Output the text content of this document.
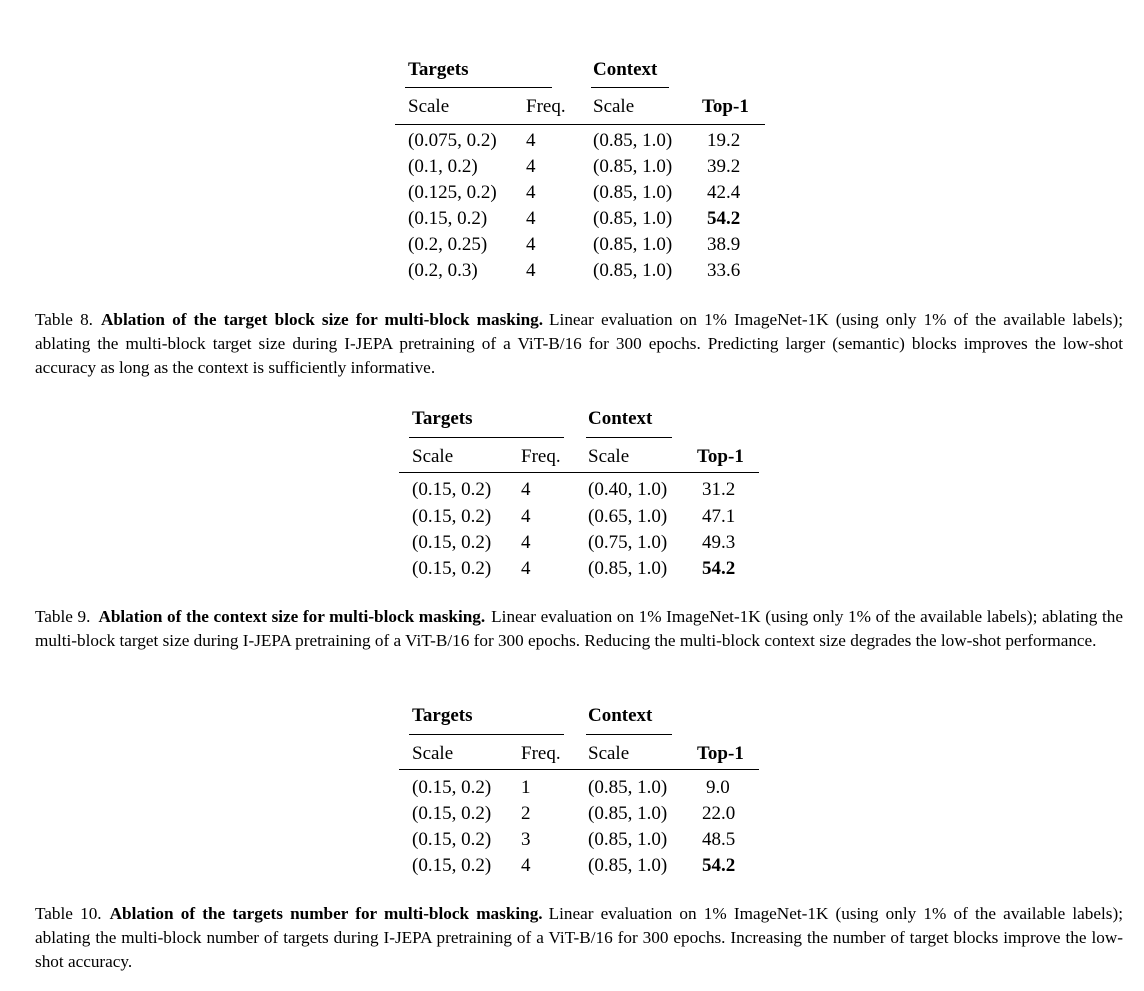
Targets	Context
Scale	Freq. Scale	Top-1
(0.075, 0.2) 4	(0.85, 1.0) 19.2
(0.1, 0.2)	4	(0.85, 1.0) 39.2
(0.125, 0.2) 4	(0.85, 1.0) 42.4
(0.15, 0.2) 4	(0.85, 1.0) 54.2
(0.2, 0.25) 4	(0.85, 1.0) 38.9
(0.2, 0.3)	4	(0.85, 1.0) 33.6
Table 8. Ablation of the target block size for multi-block masking. Linear evaluation on 1% ImageNet-1K (using only 1% of the available labels); ablating the multi-block target size during I-JEPA pretraining of a ViT-B/16 for 300 epochs. Predicting larger (semantic) blocks improves the low-shot accuracy as long as the context is sufficiently informative.
Targets	Context
Scale	Freq. Scale	Top-1
(0.15, 0.2) 4	(0.40, 1.0) 31.2
(0.15, 0.2) 4	(0.65, 1.0) 47.1
(0.15, 0.2) 4	(0.75, 1.0) 49.3
(0.15, 0.2) 4	(0.85, 1.0) 54.2
Table 9. Ablation of the context size for multi-block masking. Linear evaluation on 1% ImageNet-1K (using only 1% of the available labels); ablating the multi-block target size during I-JEPA pretraining of a ViT-B/16 for 300 epochs. Reducing the multi-block context size degrades the low-shot performance.
Targets	Context
Scale	Freq. Scale	Top-1
(0.15, 0.2) 1	(0.85, 1.0) 9.0
(0.15, 0.2) 2	(0.85, 1.0) 22.0
(0.15, 0.2) 3	(0.85, 1.0) 48.5
(0.15, 0.2) 4	(0.85, 1.0) 54.2
Table 10. Ablation of the targets number for multi-block masking. Linear evaluation on 1% ImageNet-1K (using only 1% of the available labels); ablating the multi-block number of targets during I-JEPA pretraining of a ViT-B/16 for 300 epochs. Increasing the number of target blocks improve the low-shot accuracy.
